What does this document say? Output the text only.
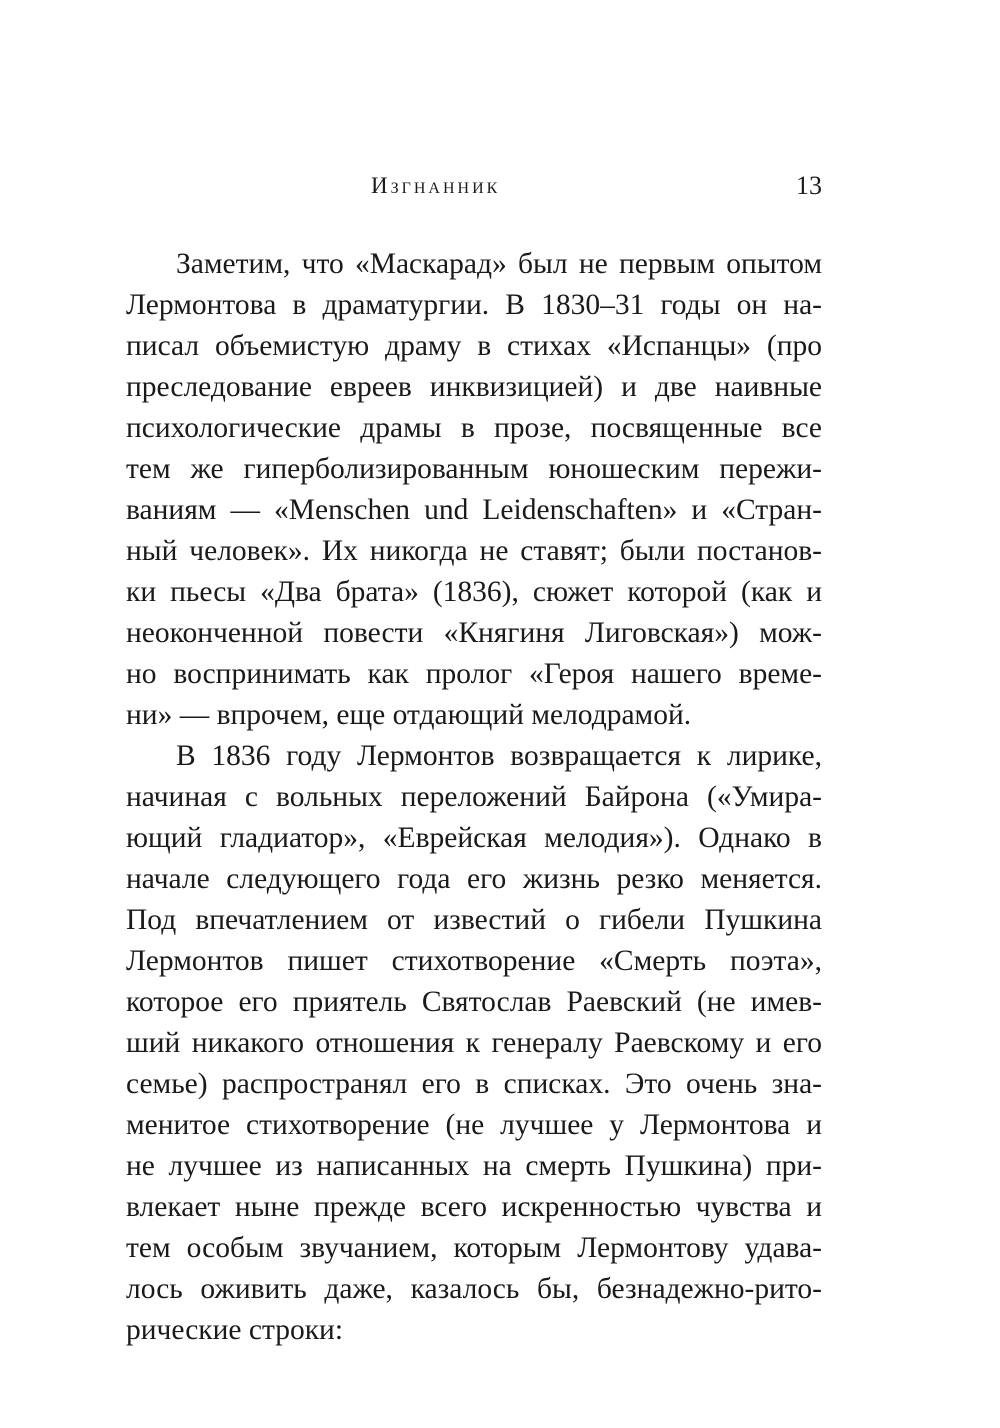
Изгнанник	13
Заметим, что «Маскарад» был не первым опытом
Лермонтова в драматургии. В 1830–31 годы он на-
писал объемистую драму в стихах «Испанцы» (про
преследование евреев инквизицией) и две наивные
психологические драмы в прозе, посвященные все
тем же гиперболизированным юношеским пережи-
ваниям — «Menschen und Leidenschaften» и «Стран-
ный человек». Их никогда не ставят; были постанов-
ки пьесы «Два брата» (1836), сюжет которой (как и
неоконченной повести «Княгиня Лиговская») мож-
но воспринимать как пролог «Героя нашего време-
ни» — впрочем, еще отдающий мелодрамой.
В 1836 году Лермонтов возвращается к лирике,
начиная с вольных переложений Байрона («Умира-
ющий гладиатор», «Еврейская мелодия»). Однако в
начале следующего года его жизнь резко меняется.
Под впечатлением от известий о гибели Пушкина
Лермонтов пишет стихотворение «Смерть поэта»,
которое его приятель Святослав Раевский (не имев-
ший никакого отношения к генералу Раевскому и его
семье) распространял его в списках. Это очень зна-
менитое стихотворение (не лучшее у Лермонтова и
не лучшее из написанных на смерть Пушкина) при-
влекает ныне прежде всего искренностью чувства и
тем особым звучанием, которым Лермонтову удава-
лось оживить даже, казалось бы, безнадежно-рито-
рические строки:
